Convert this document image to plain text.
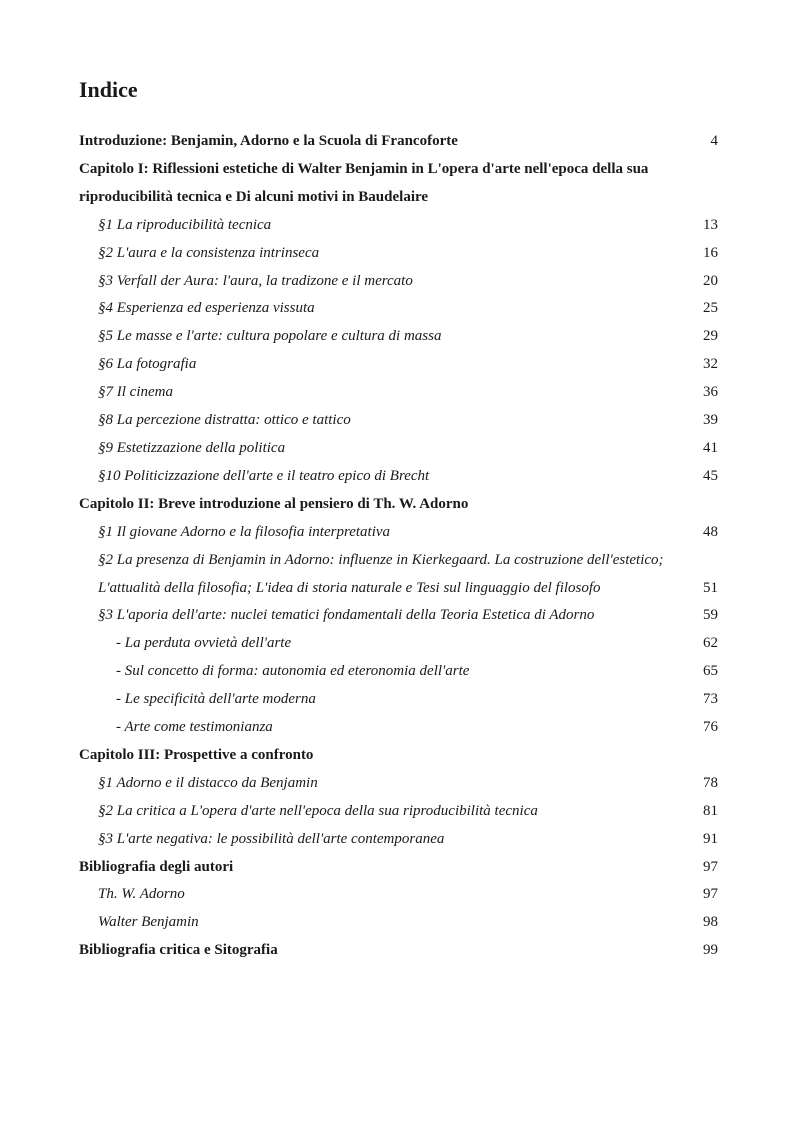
Indice
Introduzione: Benjamin, Adorno e la Scuola di Francoforte	4
Capitolo I: Riflessioni estetiche di Walter Benjamin in L'opera d'arte nell'epoca della sua riproducibilità tecnica e Di alcuni motivi in Baudelaire
§1 La riproducibilità tecnica	13
§2 L'aura e la consistenza intrinseca	16
§3 Verfall der Aura: l'aura, la tradizone e il mercato	20
§4 Esperienza ed esperienza vissuta	25
§5 Le masse e l'arte: cultura popolare e cultura di massa	29
§6 La fotografia	32
§7 Il cinema	36
§8 La percezione distratta: ottico e tattico	39
§9 Estetizzazione della politica	41
§10 Politicizzazione dell'arte e il teatro epico di Brecht	45
Capitolo II: Breve introduzione al pensiero di Th. W. Adorno
§1 Il giovane Adorno e la filosofia interpretativa	48
§2 La presenza di Benjamin in Adorno: influenze in Kierkegaard. La costruzione dell'estetico; L'attualità della filosofia; L'idea di storia naturale e Tesi sul linguaggio del filosofo	51
§3 L'aporia dell'arte: nuclei tematici fondamentali della Teoria Estetica di Adorno	59
- La perduta ovvietà dell'arte	62
- Sul concetto di forma: autonomia ed eteronomia dell'arte	65
- Le specificità dell'arte moderna	73
- Arte come testimonianza	76
Capitolo III: Prospettive a confronto
§1 Adorno e il distacco da Benjamin	78
§2 La critica a L'opera d'arte nell'epoca della sua riproducibilità tecnica	81
§3 L'arte negativa: le possibilità dell'arte contemporanea	91
Bibliografia degli autori	97
Th. W. Adorno	97
Walter Benjamin	98
Bibliografia critica e Sitografia	99
